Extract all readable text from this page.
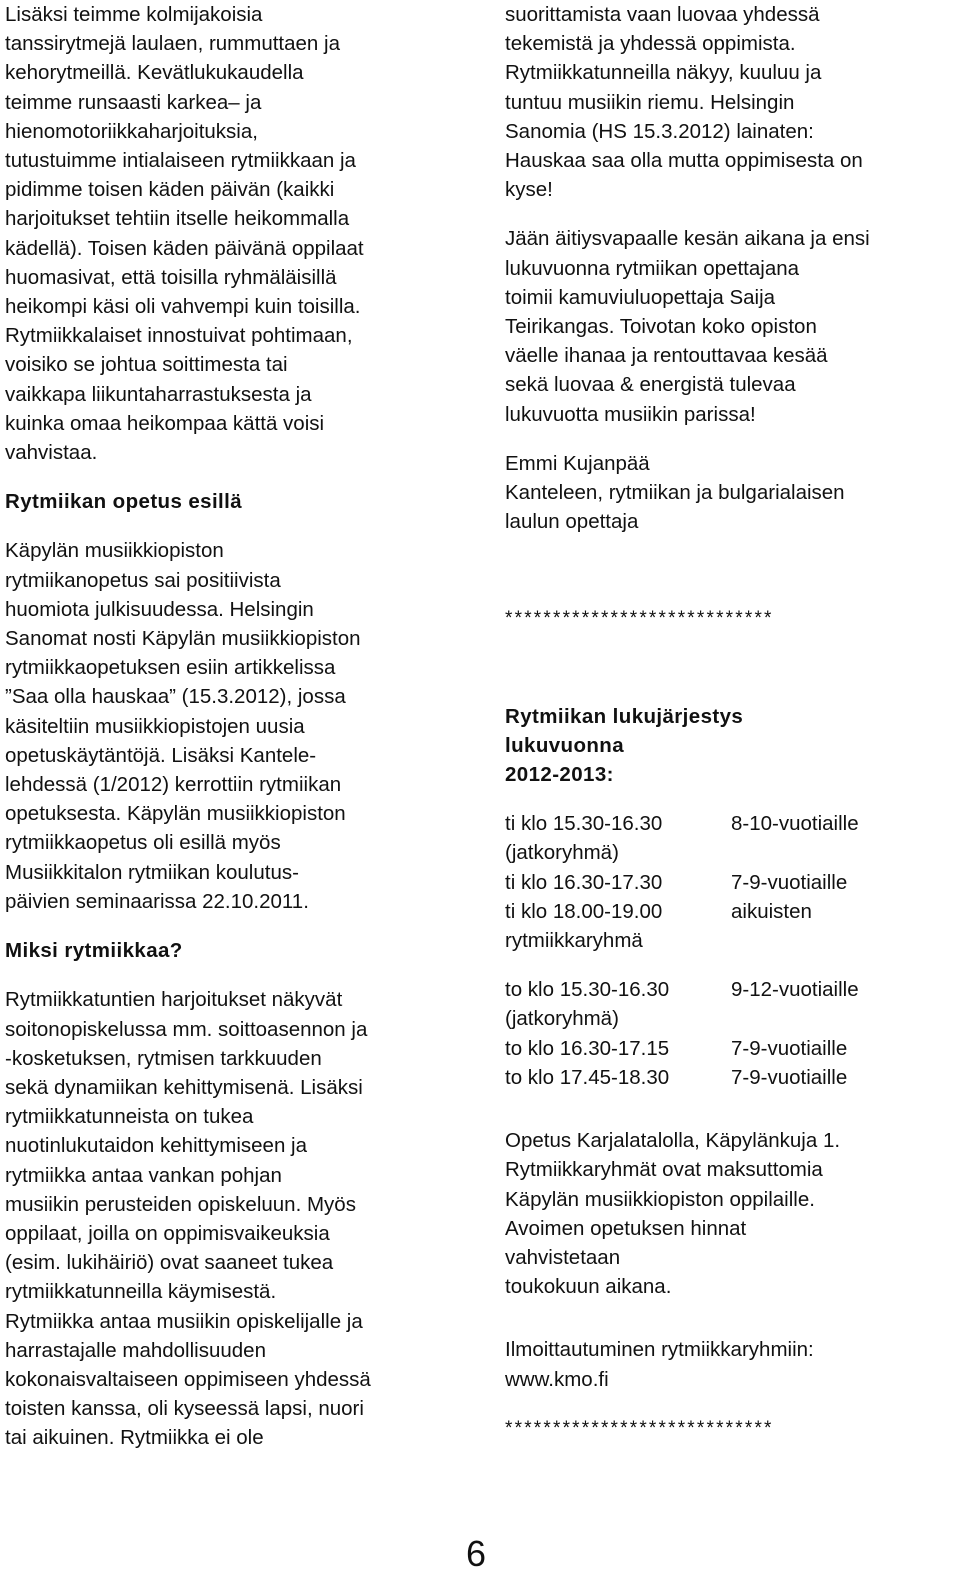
Lisäksi teimme kolmijakoisia
tanssirytmejä laulaen, rummuttaen ja
kehorytmeillä. Kevätlukukaudella
teimme runsaasti karkea– ja
hienomotoriikkaharjoituksia,
tutustuimme intialaiseen rytmiikkaan ja
pidimme toisen käden päivän (kaikki
harjoitukset tehtiin itselle heikommalla
kädellä). Toisen käden päivänä oppilaat
huomasivat, että toisilla ryhmäläisillä
heikompi käsi oli vahvempi kuin toisilla.
Rytmiikkalaiset innostuivat pohtimaan,
voisiko se johtua soittimesta tai
vaikkapa liikuntaharrastuksesta ja
kuinka omaa heikompaa kättä voisi
vahvistaa.
Rytmiikan opetus esillä
Käpylän musiikkiopiston
rytmiikanopetus sai positiivista
huomiota julkisuudessa. Helsingin
Sanomat nosti Käpylän musiikkiopiston
rytmiikkaopetuksen esiin artikkelissa
”Saa olla hauskaa” (15.3.2012), jossa
käsiteltiin musiikkiopistojen uusia
opetuskäytäntöjä. Lisäksi Kantele-
lehdessä (1/2012) kerrottiin rytmiikan
opetuksesta. Käpylän musiikkiopiston
rytmiikkaopetus oli esillä myös
Musiikkitalon rytmiikan koulutus-
päivien seminaarissa 22.10.2011.
Miksi rytmiikkaa?
Rytmiikkatuntien harjoitukset näkyvät
soitonopiskelussa mm. soittoasennon ja
-kosketuksen, rytmisen tarkkuuden
sekä dynamiikan kehittymisenä. Lisäksi
rytmiikkatunneista on tukea
nuotinlukutaidon kehittymiseen ja
rytmiikka antaa vankan pohjan
musiikin perusteiden opiskeluun. Myös
oppilaat, joilla on oppimisvaikeuksia
(esim. lukihäiriö) ovat saaneet tukea
rytmiikkatunneilla käymisestä.
Rytmiikka antaa musiikin opiskelijalle ja
harrastajalle mahdollisuuden
kokonaisvaltaiseen oppimiseen yhdessä
toisten kanssa, oli kyseessä lapsi, nuori
tai aikuinen. Rytmiikka ei ole
suorittamista vaan luovaa yhdessä
tekemistä ja yhdessä oppimista.
Rytmiikkatunneilla näkyy, kuuluu ja
tuntuu musiikin riemu. Helsingin
Sanomia (HS 15.3.2012) lainaten:
Hauskaa saa olla mutta oppimisesta on
kyse!
Jään äitiysvapaalle kesän aikana ja ensi
lukuvuonna rytmiikan opettajana
toimii kamuviuluopettaja Saija
Teirikangas. Toivotan koko opiston
väelle ihanaa ja rentouttavaa kesää
sekä luovaa & energistä tulevaa
lukuvuotta musiikin parissa!
Emmi Kujanpää
Kanteleen, rytmiikan ja bulgarialaisen
laulun opettaja
****************************
Rytmiikan lukujärjestys
lukuvuonna
2012-2013:
ti klo 15.30-16.30	8-10-vuotiaille
(jatkoryhmä)
ti klo 16.30-17.30	7-9-vuotiaille
ti klo 18.00-19.00	aikuisten
rytmiikkaryhmä
to klo 15.30-16.30	9-12-vuotiaille
(jatkoryhmä)
to klo 16.30-17.15	7-9-vuotiaille
to klo 17.45-18.30	7-9-vuotiaille
Opetus Karjalatalolla, Käpylänkuja 1.
Rytmiikkaryhmät ovat maksuttomia
Käpylän musiikkiopiston oppilaille.
Avoimen opetuksen hinnat
vahvistetaan
toukokuun aikana.
Ilmoittautuminen rytmiikkaryhmiin:
www.kmo.fi
****************************
6
